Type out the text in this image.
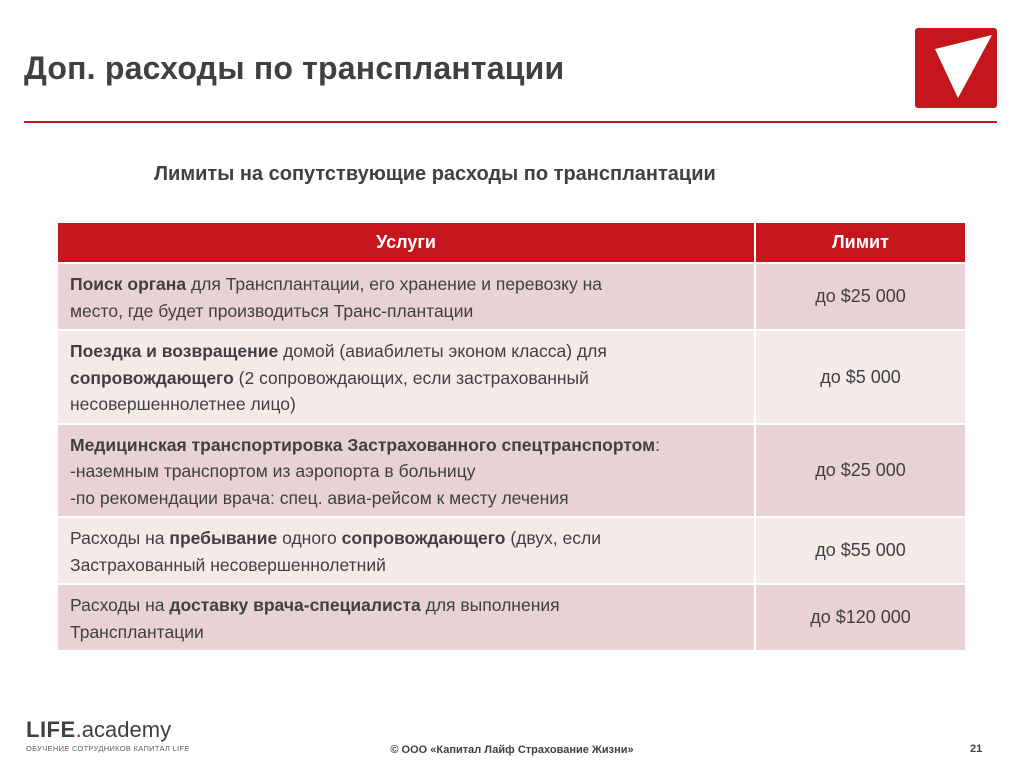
Доп. расходы по трансплантации
Лимиты на сопутствующие расходы по трансплантации
Услуги	Лимит

Поиск органа для Трансплантации, его хранение и перевозку на
место, где будет производиться Транс-плантации	до $25 000

Поездка и возвращение домой (авиабилеты эконом класса) для
сопровождающего (2 сопровождающих, если застрахованный
несовершеннолетнее лицо)	до $5 000

Медицинская транспортировка Застрахованного спецтранспортом:
-наземным транспортом из аэропорта в больницу
-по рекомендации врача: спец. авиа-рейсом к месту лечения	до $25 000

Расходы на пребывание одного сопровождающего (двух, если
Застрахованный несовершеннолетний	до $55 000

Расходы на доставку врача-специалиста для выполнения
Трансплантации	до $120 000
LIFE.academy
ОБУЧЕНИЕ СОТРУДНИКОВ КАПИТАЛ LIFE	© ООО «Капитал Лайф Страхование Жизни»	21
